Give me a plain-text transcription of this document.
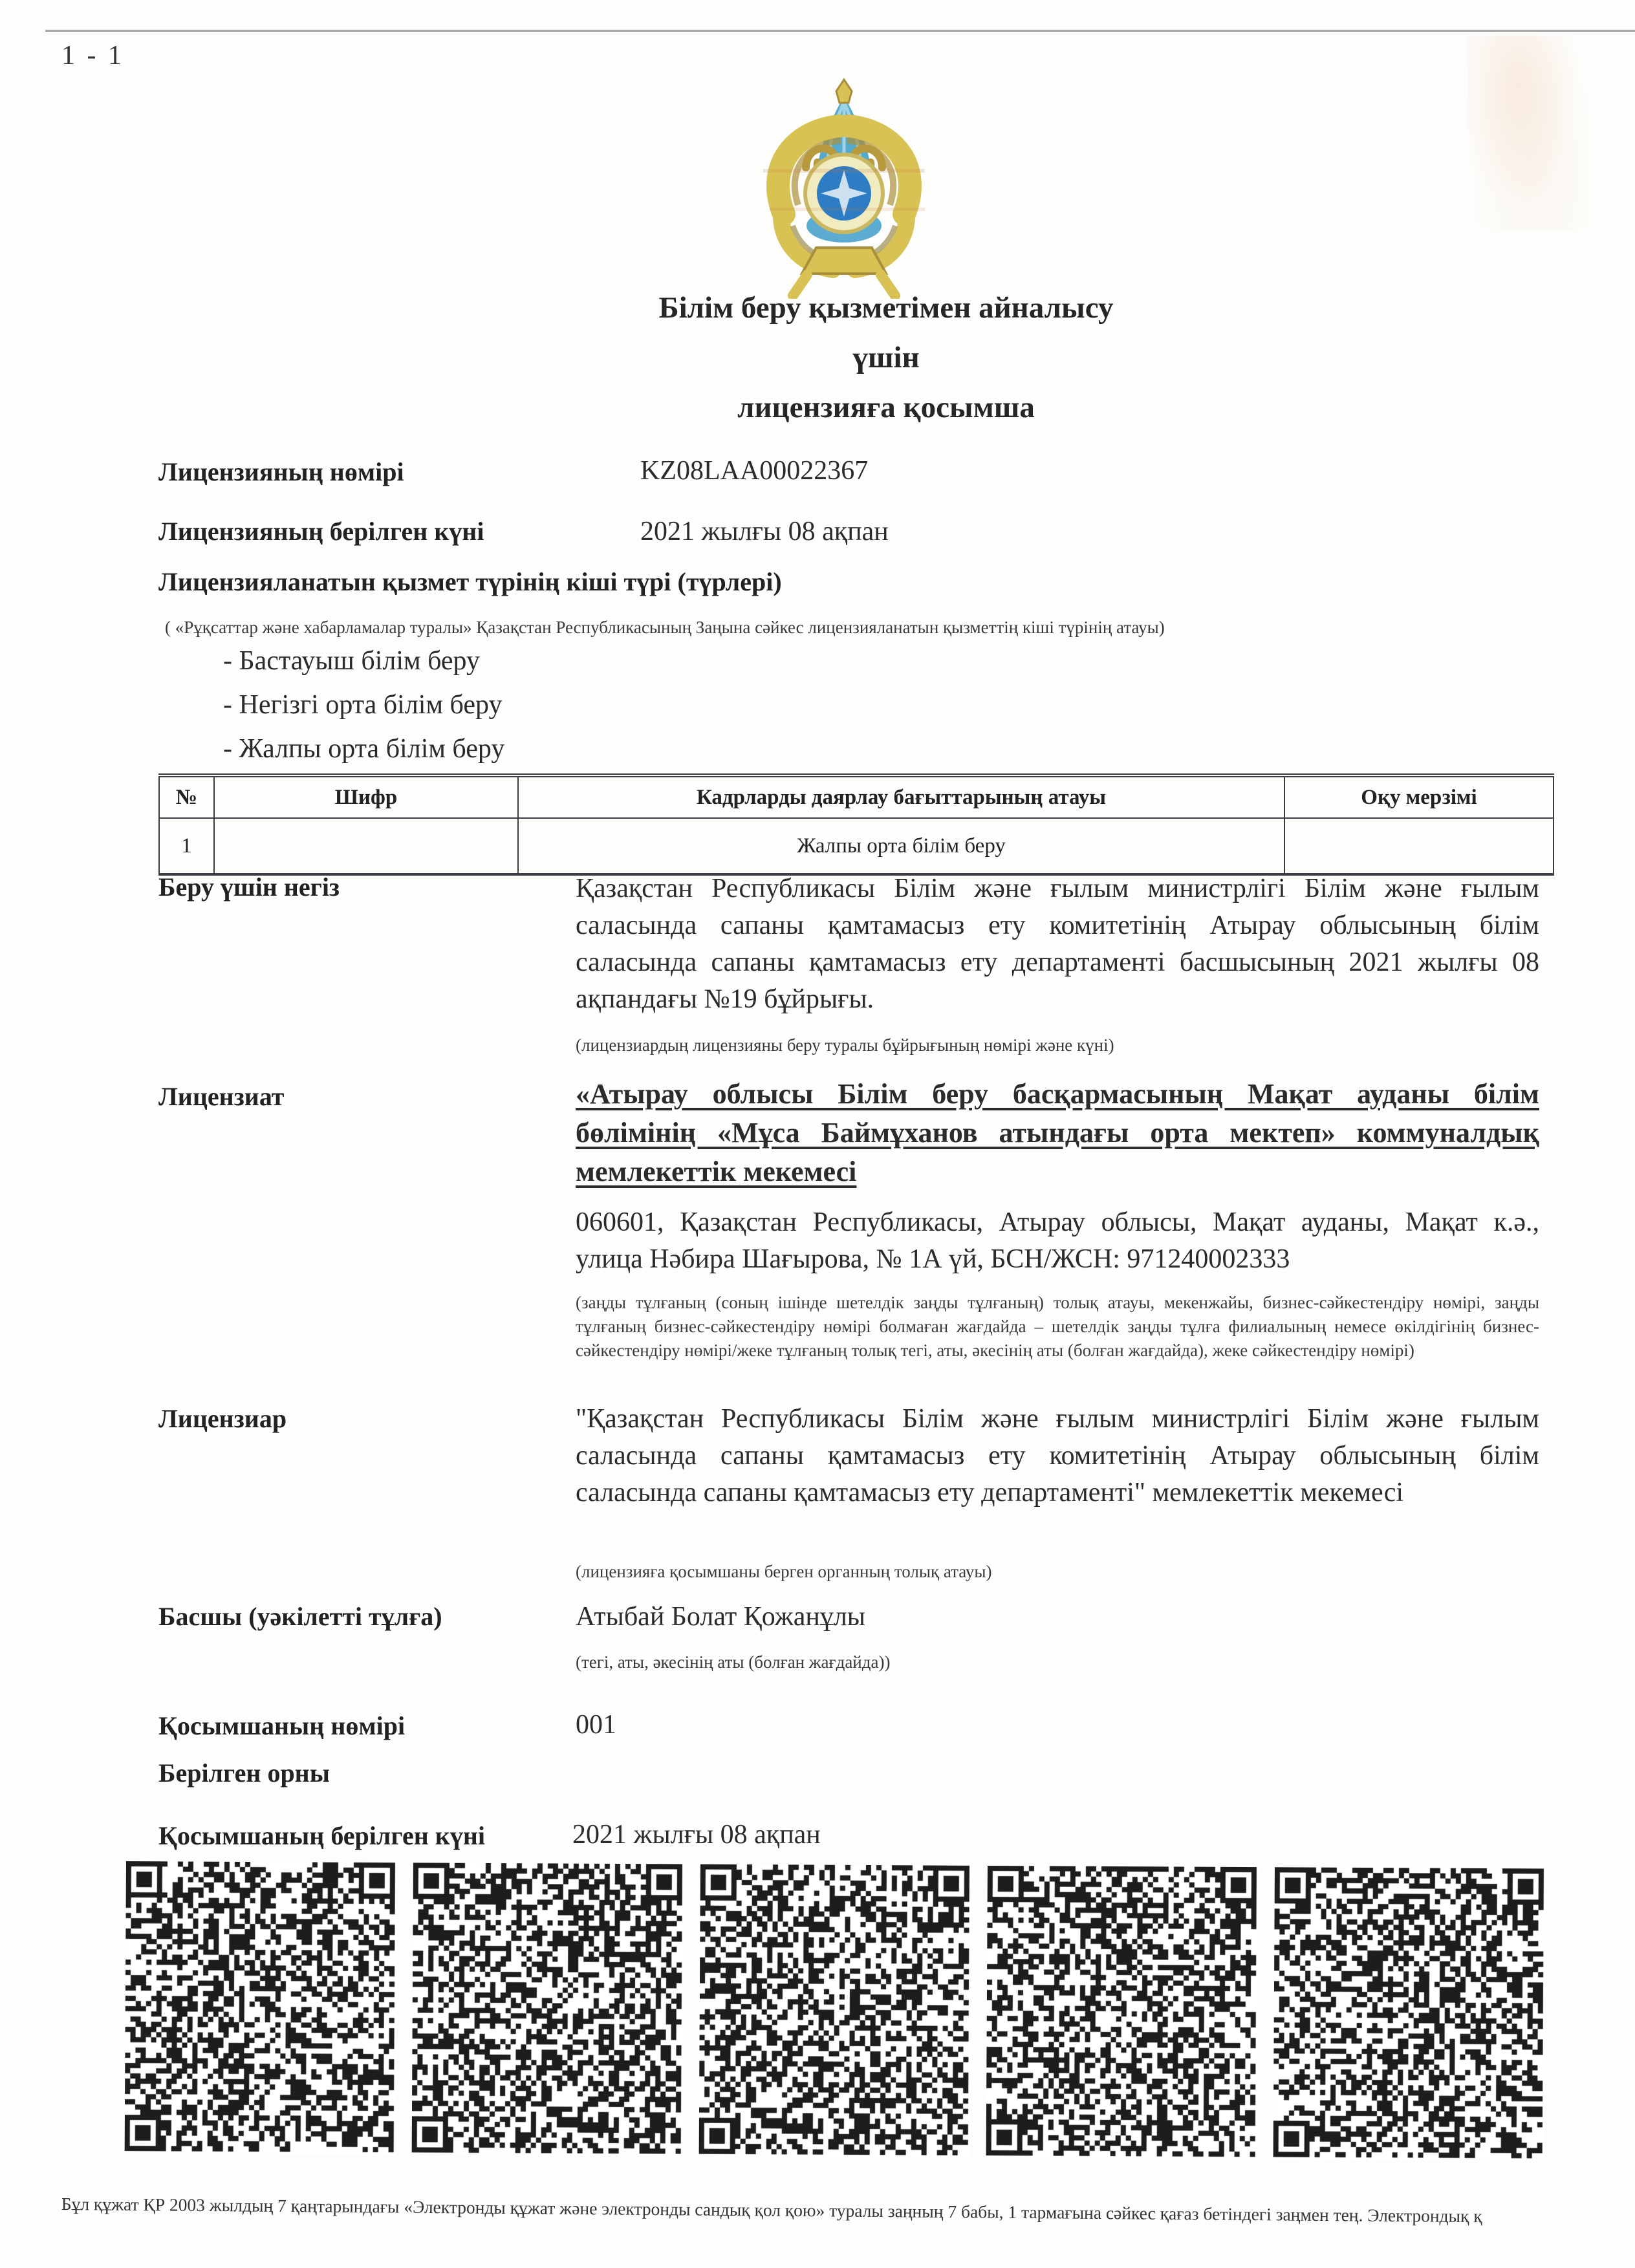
1 - 1
Білім беру қызметімен айналысу
үшін
лицензияға қосымша
Лицензияның нөмірі	KZ08LAA00022367
Лицензияның берілген күні	2021 жылғы 08 ақпан
Лицензияланатын қызмет түрінің кіші түрі (түрлері)
( «Рұқсаттар және хабарламалар туралы» Қазақстан Республикасының Заңына сәйкес лицензияланатын қызметтің кіші түрінің атауы)
- Бастауыш білім беру
- Негізгі орта білім беру
- Жалпы орта білім беру
№	Шифр	Кадрларды даярлау бағыттарының атауы	Оқу мерзімі
1		Жалпы орта білім беру	
Беру үшін негіз	Қазақстан Республикасы Білім және ғылым министрлігі Білім және ғылым саласында сапаны қамтамасыз ету комитетінің Атырау облысының білім саласында сапаны қамтамасыз ету департаменті басшысының 2021 жылғы 08 ақпандағы №19 бұйрығы.
(лицензиардың лицензияны беру туралы бұйрығының нөмірі және күні)
Лицензиат	«Атырау облысы Білім беру басқармасының Мақат ауданы білім бөлімінің «Мұса Баймұханов атындағы орта мектеп» коммуналдық мемлекеттік мекемесі
060601, Қазақстан Республикасы, Атырау облысы, Мақат ауданы, Мақат к.ә., улица Нәбира Шағырова, № 1А үй, БСН/ЖСН: 971240002333
(заңды тұлғаның (соның ішінде шетелдік заңды тұлғаның) толық атауы, мекенжайы, бизнес-сәйкестендіру нөмірі, заңды тұлғаның бизнес-сәйкестендіру нөмірі болмаған жағдайда – шетелдік заңды тұлға филиалының немесе өкілдігінің бизнес-сәйкестендіру нөмірі/жеке тұлғаның толық тегі, аты, әкесінің аты (болған жағдайда), жеке сәйкестендіру нөмірі)
Лицензиар	"Қазақстан Республикасы Білім және ғылым министрлігі Білім және ғылым саласында сапаны қамтамасыз ету комитетінің Атырау облысының білім саласында сапаны қамтамасыз ету департаменті" мемлекеттік мекемесі
(лицензияға қосымшаны берген органның толық атауы)
Басшы (уәкілетті тұлға)	Атыбай Болат Қожанұлы
(тегі, аты, әкесінің аты (болған жағдайда))
Қосымшаның нөмірі	001
Берілген орны
Қосымшаның берілген күні	2021 жылғы 08 ақпан
Бұл құжат ҚР 2003 жылдың 7 қаңтарындағы «Электронды құжат және электронды сандық қол қою» туралы заңның 7 бабы, 1 тармағына сәйкес қағаз бетіндегі заңмен тең. Электрондық қ
